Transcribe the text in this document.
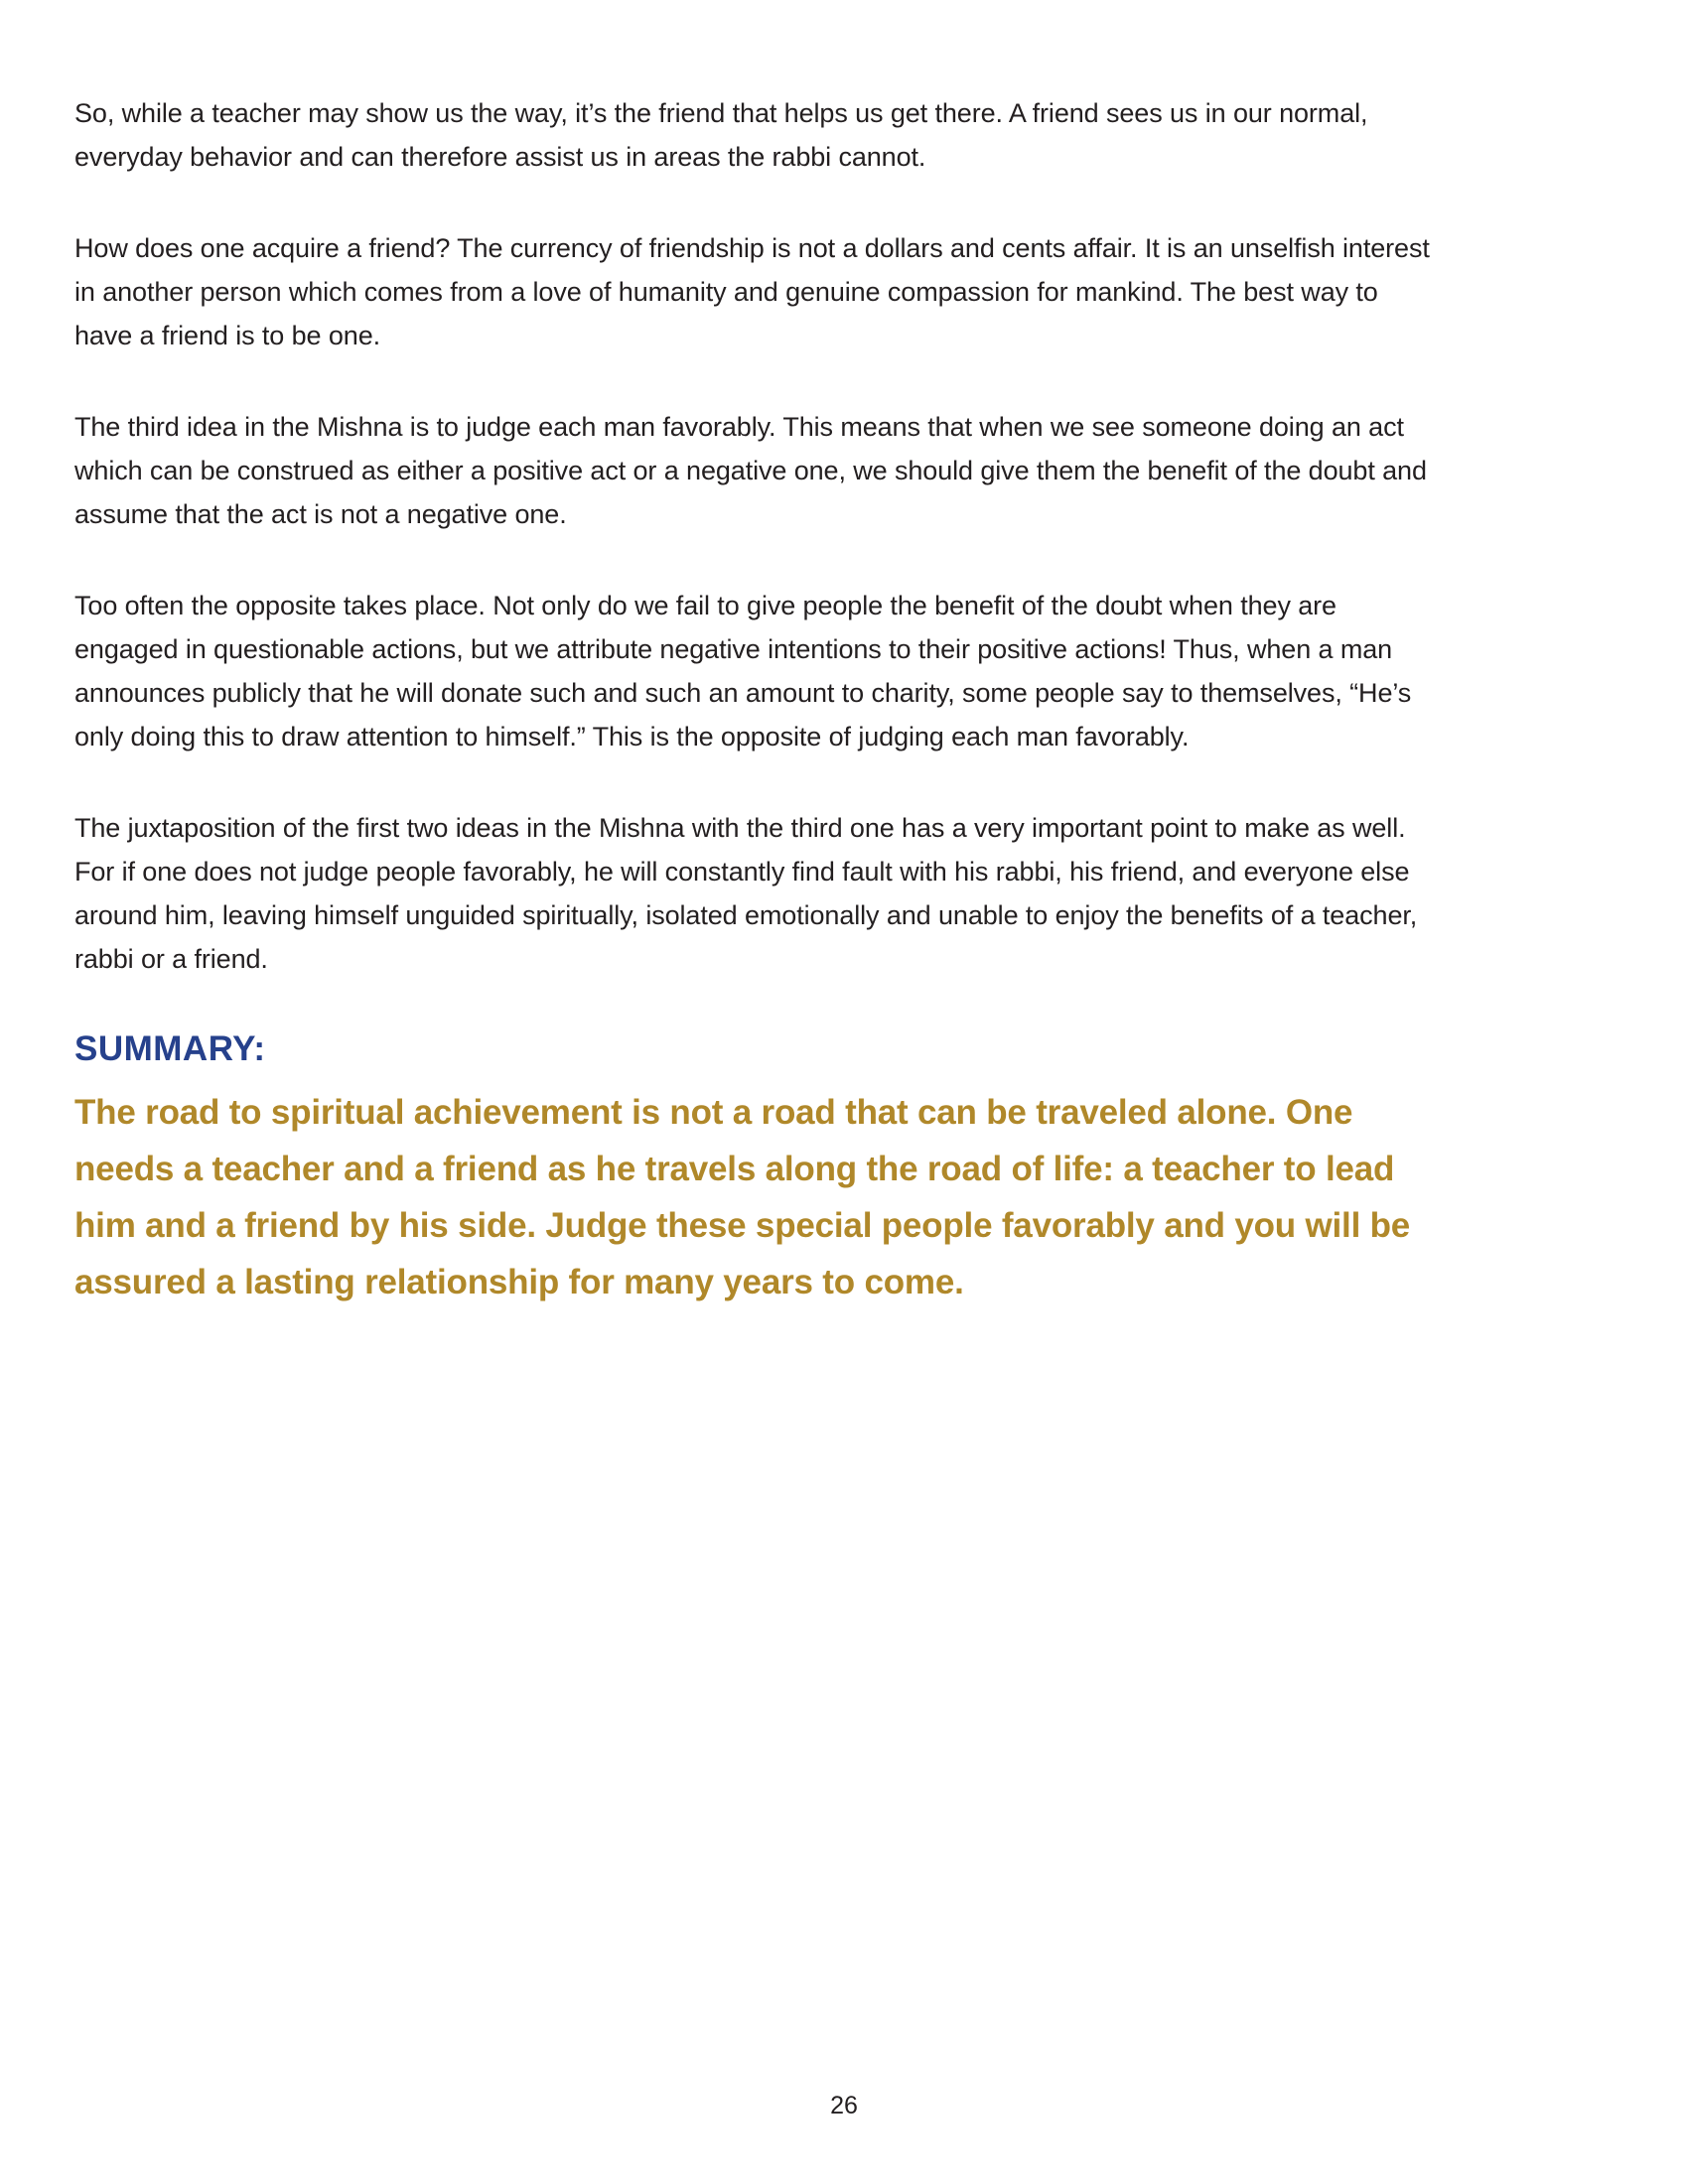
So, while a teacher may show us the way, it’s the friend that helps us get there. A friend sees us in our normal, everyday behavior and can therefore assist us in areas the rabbi cannot.

How does one acquire a friend? The currency of friendship is not a dollars and cents affair. It is an unselfish interest in another person which comes from a love of humanity and genuine compassion for mankind. The best way to have a friend is to be one.

The third idea in the Mishna is to judge each man favorably. This means that when we see someone doing an act which can be construed as either a positive act or a negative one, we should give them the benefit of the doubt and assume that the act is not a negative one.

Too often the opposite takes place. Not only do we fail to give people the benefit of the doubt when they are engaged in questionable actions, but we attribute negative intentions to their positive actions! Thus, when a man announces publicly that he will donate such and such an amount to charity, some people say to themselves, “He’s only doing this to draw attention to himself.” This is the opposite of judging each man favorably.

The juxtaposition of the first two ideas in the Mishna with the third one has a very important point to make as well. For if one does not judge people favorably, he will constantly find fault with his rabbi, his friend, and everyone else around him, leaving himself unguided spiritually, isolated emotionally and unable to enjoy the benefits of a teacher, rabbi or a friend.

SUMMARY:

The road to spiritual achievement is not a road that can be traveled alone. One needs a teacher and a friend as he travels along the road of life: a teacher to lead him and a friend by his side. Judge these special people favorably and you will be assured a lasting relationship for many years to come.

26
